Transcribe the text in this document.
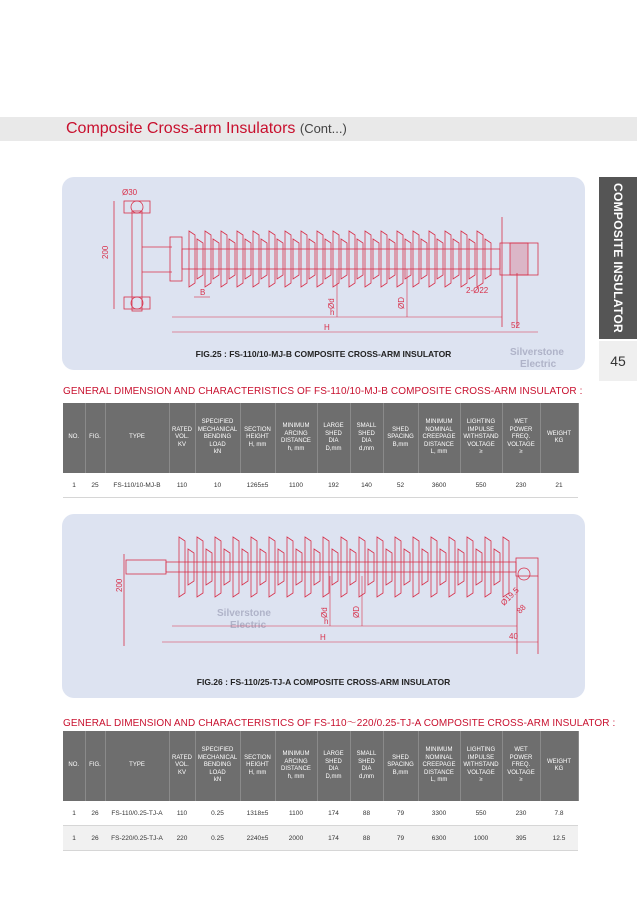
Composite Cross-arm Insulators (Cont...)
COMPOSITE INSULATOR
45
Ø30
200
B
Ød	ØD
2-Ø22
h
H	52
Silverstone
Electric
FIG.25 : FS-110/10-MJ-B COMPOSITE CROSS-ARM INSULATOR
GENERAL DIMENSION AND CHARACTERISTICS OF FS-110/10-MJ-B COMPOSITE CROSS-ARM INSULATOR :
NO.	FIG.	TYPE	RATED
VOL.
KV	SPECIFIED
MECHANICAL
BENDING
LOAD
kN	SECTION
HEIGHT
H, mm	MINIMUM
ARCING
DISTANCE
h, mm	LARGE
SHED
DIA
D,mm	SMALL
SHED
DIA
d,mm	SHED
SPACING
B,mm	MINIMUM
NOMINAL
CREEPAGE
DISTANCE
L, mm	LIGHTING
IMPULSE
WITHSTAND
VOLTAGE
≥	WET
POWER
FREQ.
VOLTAGE
≥	WEIGHT
KG
1	25	FS-110/10-MJ-B	110	10	1265±5	1100	192	140	52	3600	550	230	21
200
ØD
Ød
h
H	40
Ø19.5
88
Silverstone
Electric
FIG.26 : FS-110/25-TJ-A COMPOSITE CROSS-ARM INSULATOR
GENERAL DIMENSION AND CHARACTERISTICS OF FS-110～220/0.25-TJ-A COMPOSITE CROSS-ARM INSULATOR :
NO.	FIG.	TYPE	RATED
VOL.
KV	SPECIFIED
MECHANICAL
BENDING
LOAD
kN	SECTION
HEIGHT
H, mm	MINIMUM
ARCING
DISTANCE
h, mm	LARGE
SHED
DIA
D,mm	SMALL
SHED
DIA
d,mm	SHED
SPACING
B,mm	MINIMUM
NOMINAL
CREEPAGE
DISTANCE
L, mm	LIGHTING
IMPULSE
WITHSTAND
VOLTAGE
≥	WET
POWER
FREQ.
VOLTAGE
≥	WEIGHT
KG
1	26	FS-110/0.25-TJ-A	110	0.25	1318±5	1100	174	88	79	3300	550	230	7.8
1	26	FS-220/0.25-TJ-A	220	0.25	2240±5	2000	174	88	79	6300	1000	395	12.5
